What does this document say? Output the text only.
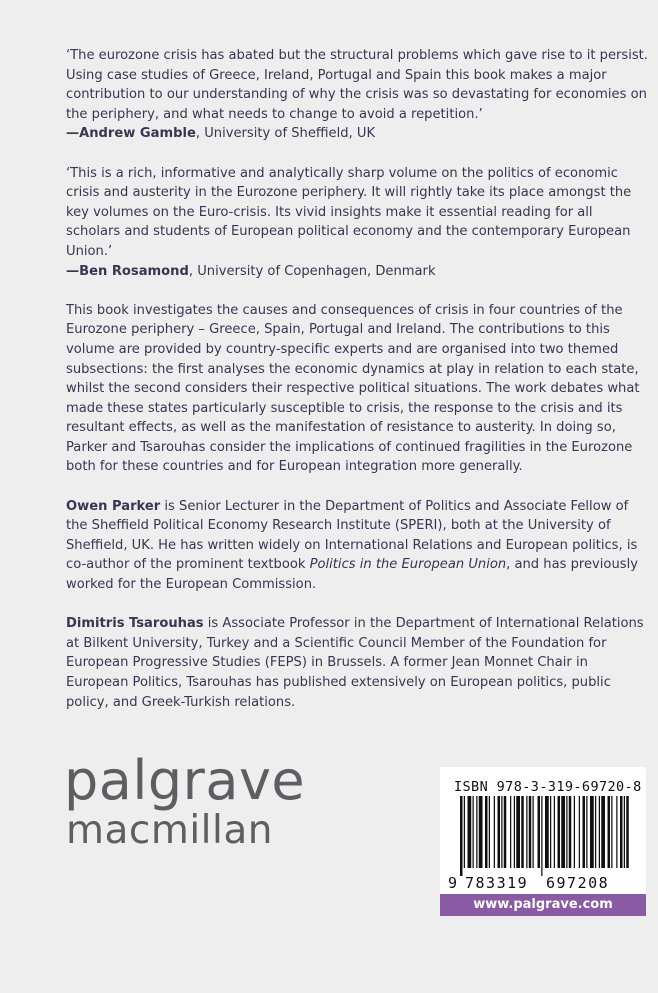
‘The eurozone crisis has abated but the structural problems which gave rise to it persist. Using case studies of Greece, Ireland, Portugal and Spain this book makes a major contribution to our understanding of why the crisis was so devastating for economies on the periphery, and what needs to change to avoid a repetition.’
—Andrew Gamble, University of Sheffield, UK

‘This is a rich, informative and analytically sharp volume on the politics of economic crisis and austerity in the Eurozone periphery. It will rightly take its place amongst the key volumes on the Euro-crisis. Its vivid insights make it essential reading for all scholars and students of European political economy and the contemporary European Union.’
—Ben Rosamond, University of Copenhagen, Denmark

This book investigates the causes and consequences of crisis in four countries of the Eurozone periphery – Greece, Spain, Portugal and Ireland. The contributions to this volume are provided by country-specific experts and are organised into two themed subsections: the first analyses the economic dynamics at play in relation to each state, whilst the second considers their respective political situations. The work debates what made these states particularly susceptible to crisis, the response to the crisis and its resultant effects, as well as the manifestation of resistance to austerity. In doing so, Parker and Tsarouhas consider the implications of continued fragilities in the Eurozone both for these countries and for European integration more generally.

Owen Parker is Senior Lecturer in the Department of Politics and Associate Fellow of the Sheffield Political Economy Research Institute (SPERI), both at the University of Sheffield, UK. He has written widely on International Relations and European politics, is co-author of the prominent textbook Politics in the European Union, and has previously worked for the European Commission.

Dimitris Tsarouhas is Associate Professor in the Department of International Relations at Bilkent University, Turkey and a Scientific Council Member of the Foundation for European Progressive Studies (FEPS) in Brussels. A former Jean Monnet Chair in European Politics, Tsarouhas has published extensively on European politics, public policy, and Greek-Turkish relations.

palgrave
macmillan
ISBN 978-3-319-69720-8
9 783319 697208
www.palgrave.com
